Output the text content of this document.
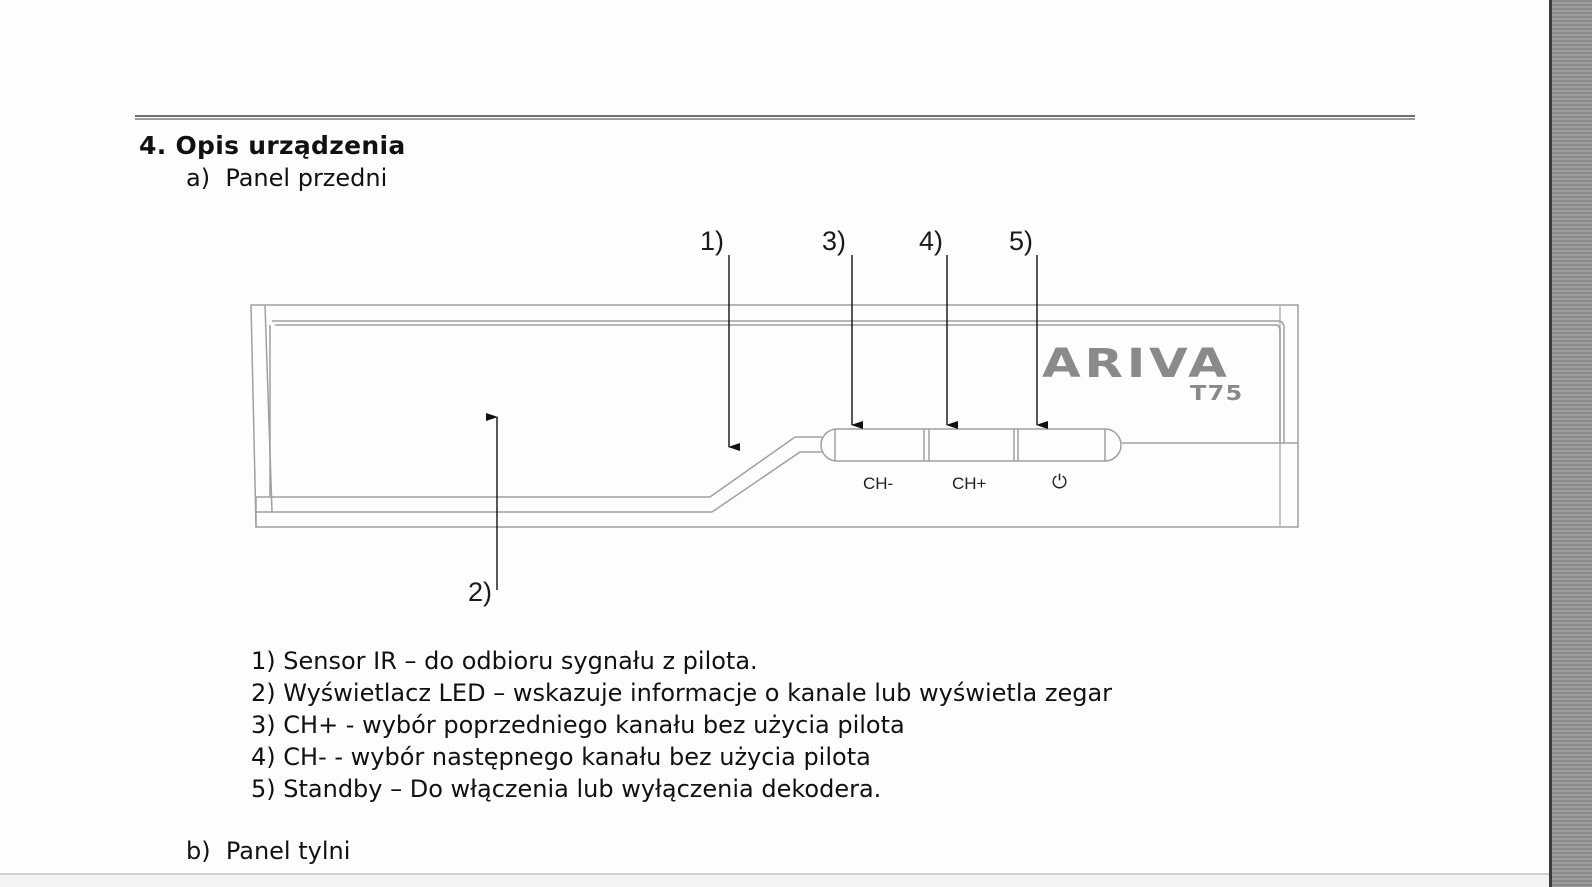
4. Opis urządzenia
a)  Panel przedni
ARIVA
T75
CH-	CH+	⏻
1)
2)
3)	4) 5)
1) Sensor IR – do odbioru sygnału z pilota.
2) Wyświetlacz LED – wskazuje informacje o kanale lub wyświetla zegar
3) CH+ - wybór poprzedniego kanału bez użycia pilota
4) CH- - wybór następnego kanału bez użycia pilota
5) Standby – Do włączenia lub wyłączenia dekodera.
b)  Panel tylni
